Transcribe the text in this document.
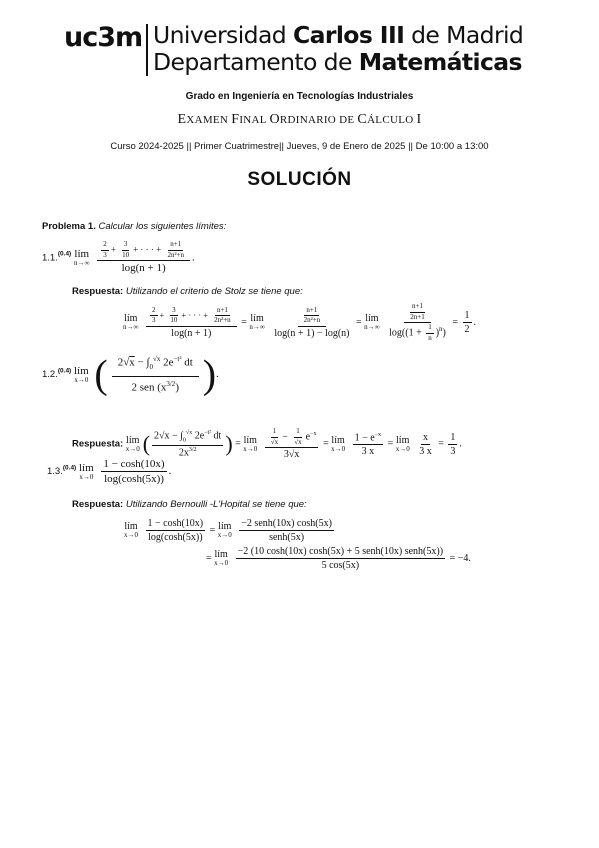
uc3m Universidad Carlos III de Madrid
Departamento de Matemáticas
Grado en Ingeniería en Tecnologías Industriales
EXAMEN FINAL ORDINARIO DE CÁLCULO I
Curso 2024-2025 || Primer Cuatrimestre|| Jueves, 9 de Enero de 2025 || De 10:00 a 13:00
SOLUCIÓN
Problema 1. Calcular los siguientes límites:
1.1.$^{(0.4)}$ lím
n→∞
$\frac{\frac{2}{3} + \frac{3}{10} + \cdot \cdot \cdot + \frac{n+1}{\text{2n²+n}}}{\log(n + 1)}$ .
Respuesta: Utilizando el criterio de Stolz se tiene que:
lím
n→∞
$\frac{\frac{2}{3} + \frac{3}{10} + \cdot \cdot \cdot + \frac{n+1}{\text{2n²+n}}}{\log(n + 1)}$ = lím
n→∞
$\frac{\frac{n+1}{\text{2n²+n}}}{\log(n + 1) - \log(n)}$ = lím
n→∞
$\frac{\frac{n+1}{2n+1}}{\log((1 + \frac{1}{n} )^n)} = \frac{1}{2}$ .
1.2.$^{(0.4)}$ lím
x→0 ( $\frac{2√x - \int_0^{√x} 2e^{-t^2} dt}{2 sen (x^{3/2})}$ ).
Respuesta: lím
x→0 ( $\frac{2√x - \int_0^{√x} 2e^{-t^2} dt}{2x^{3/2}}$ ) = lím
x→0
$\frac{\frac{1}{√x} - \frac{1}{√x} e^{-x}}{3√x}$ = lím
x→0
$\frac{1 - e^{-x}}{3 x}$ = lím
x→0
$\frac{x}{3 x} = \frac{1}{3}$ .
1.3.$^{(0.4)}$ lím
x→0
$\frac{1 - \cosh(10x)}{\log(\cosh(5x))}$ .
Respuesta: Utilizando Bernoulli -L'Hopital se tiene que:
lím
x→0
$\frac{1 - \cosh(10x)}{\log(\cosh(5x))}$ = lím
x→0
$\frac{\text{−2 senh(10x) cosh(5x)}}{\text{senh(5x)}}$
= lím
x→0
$\frac{\text{−2 (10 cosh(10x) cosh(5x) + 5 senh(10x) senh(5x))}}{5 \cos(5x)} = -4$.
